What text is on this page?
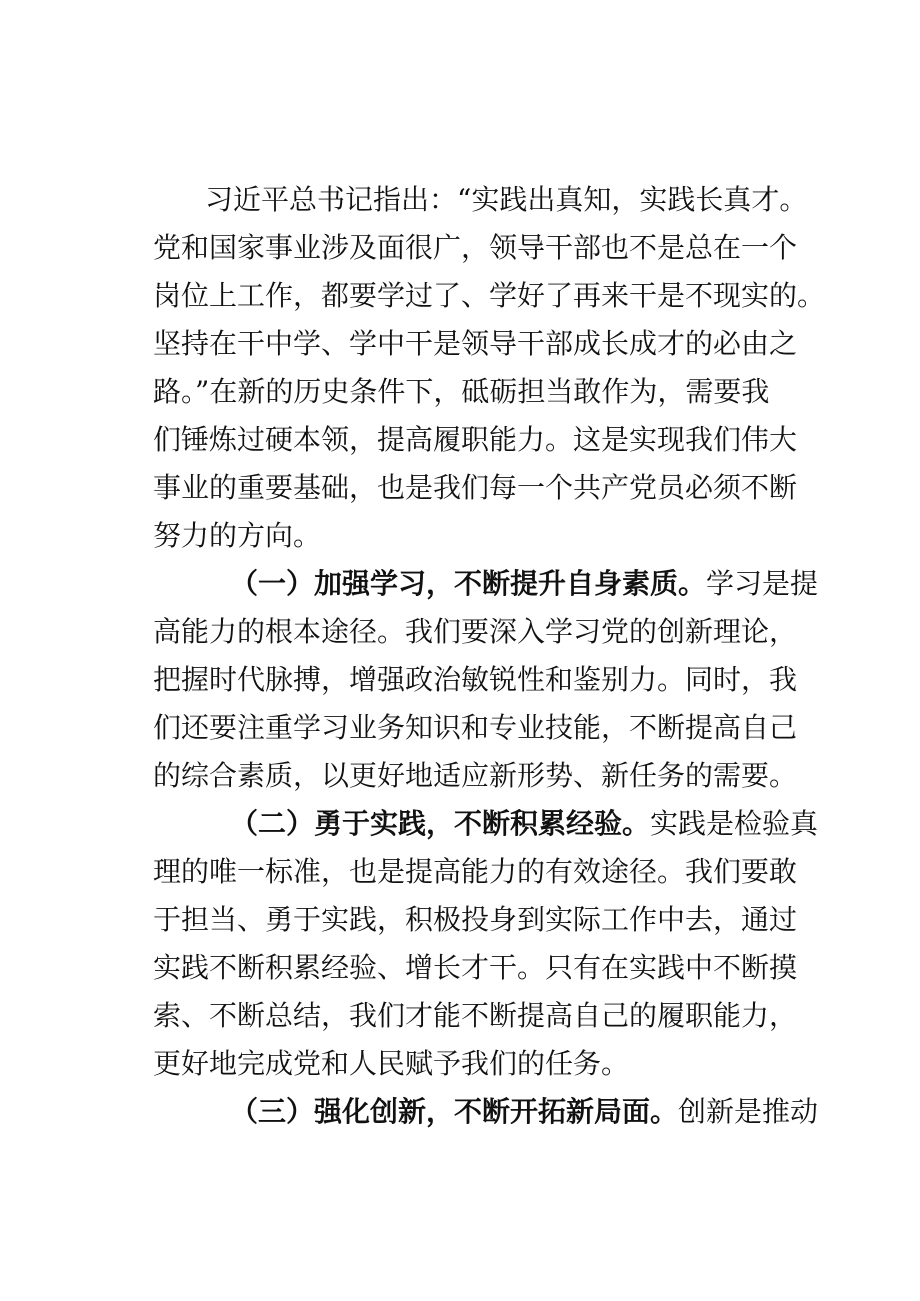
习近平总书记指出：“实践出真知，实践长真才。
党和国家事业涉及面很广，领导干部也不是总在一个
岗位上工作，都要学过了、学好了再来干是不现实的。
坚持在干中学、学中干是领导干部成长成才的必由之
路。”在新的历史条件下，砥砺担当敢作为，需要我
们锤炼过硬本领，提高履职能力。这是实现我们伟大
事业的重要基础，也是我们每一个共产党员必须不断
努力的方向。
（一）加强学习，不断提升自身素质。学习是提
高能力的根本途径。我们要深入学习党的创新理论，
把握时代脉搏，增强政治敏锐性和鉴别力。同时，我
们还要注重学习业务知识和专业技能，不断提高自己
的综合素质，以更好地适应新形势、新任务的需要。
（二）勇于实践，不断积累经验。实践是检验真
理的唯一标准，也是提高能力的有效途径。我们要敢
于担当、勇于实践，积极投身到实际工作中去，通过
实践不断积累经验、增长才干。只有在实践中不断摸
索、不断总结，我们才能不断提高自己的履职能力，
更好地完成党和人民赋予我们的任务。
（三）强化创新，不断开拓新局面。创新是推动
